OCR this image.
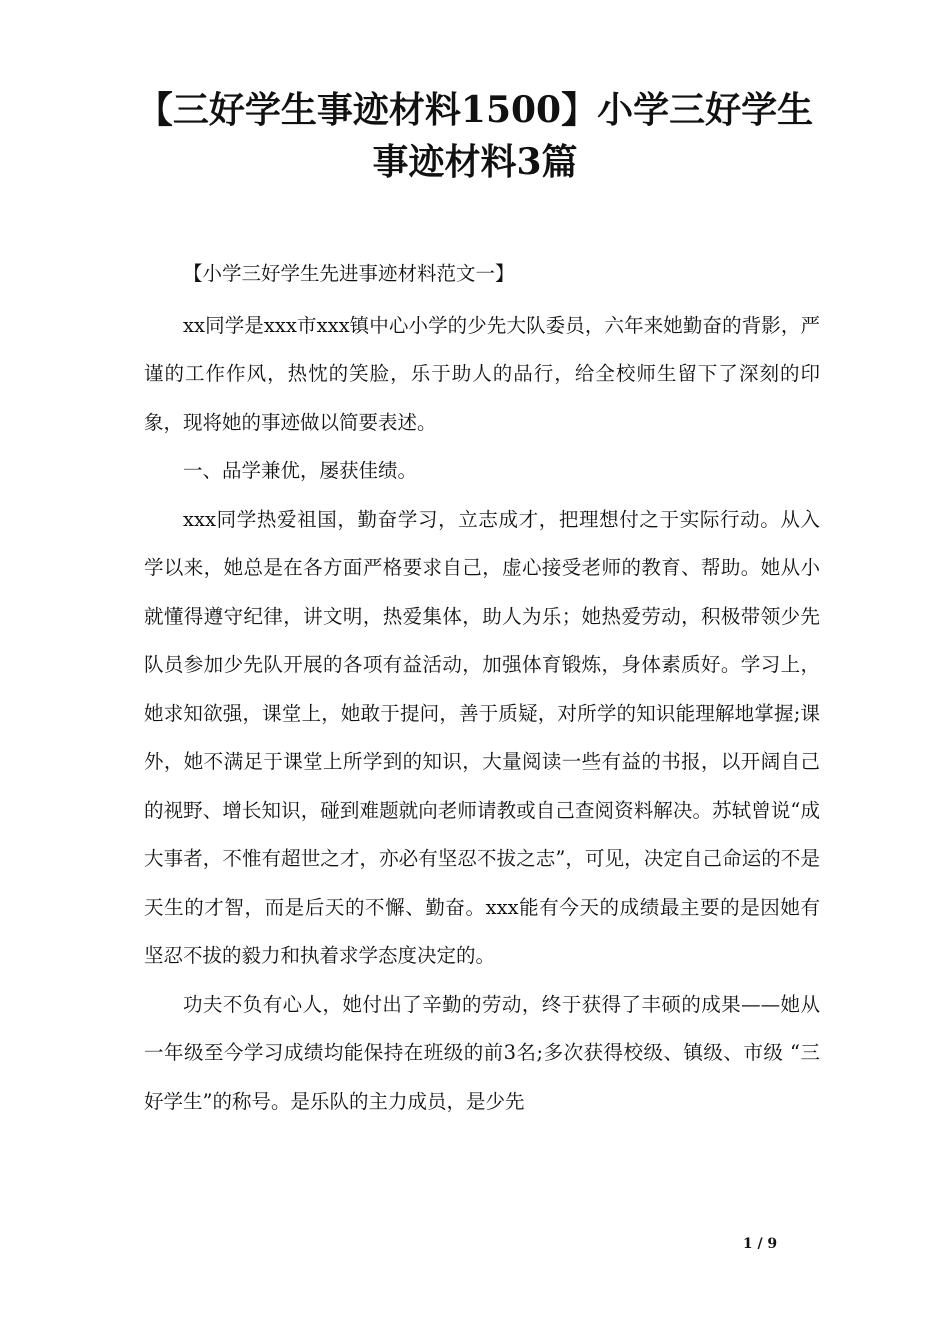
【三好学生事迹材料1500】小学三好学生
事迹材料3篇

【小学三好学生先进事迹材料范文一】

xx同学是xxx市xxx镇中心小学的少先大队委员，六年来她勤奋的背影，严谨的工作作风，热忱的笑脸，乐于助人的品行，给全校师生留下了深刻的印象，现将她的事迹做以简要表述。

一、品学兼优，屡获佳绩。

xxx同学热爱祖国，勤奋学习，立志成才，把理想付之于实际行动。从入学以来，她总是在各方面严格要求自己，虚心接受老师的教育、帮助。她从小就懂得遵守纪律，讲文明，热爱集体，助人为乐；她热爱劳动，积极带领少先队员参加少先队开展的各项有益活动，加强体育锻炼，身体素质好。学习上，她求知欲强，课堂上，她敢于提问，善于质疑，对所学的知识能理解地掌握;课外，她不满足于课堂上所学到的知识，大量阅读一些有益的书报，以开阔自己的视野、增长知识，碰到难题就向老师请教或自己查阅资料解决。苏轼曾说“成大事者，不惟有超世之才，亦必有坚忍不拔之志”，可见，决定自己命运的不是天生的才智，而是后天的不懈、勤奋。xxx能有今天的成绩最主要的是因她有坚忍不拔的毅力和执着求学态度决定的。

功夫不负有心人，她付出了辛勤的劳动，终于获得了丰硕的成果——她从一年级至今学习成绩均能保持在班级的前3名;多次获得校级、镇级、市级 “三好学生”的称号。是乐队的主力成员，是少先

1 / 9
